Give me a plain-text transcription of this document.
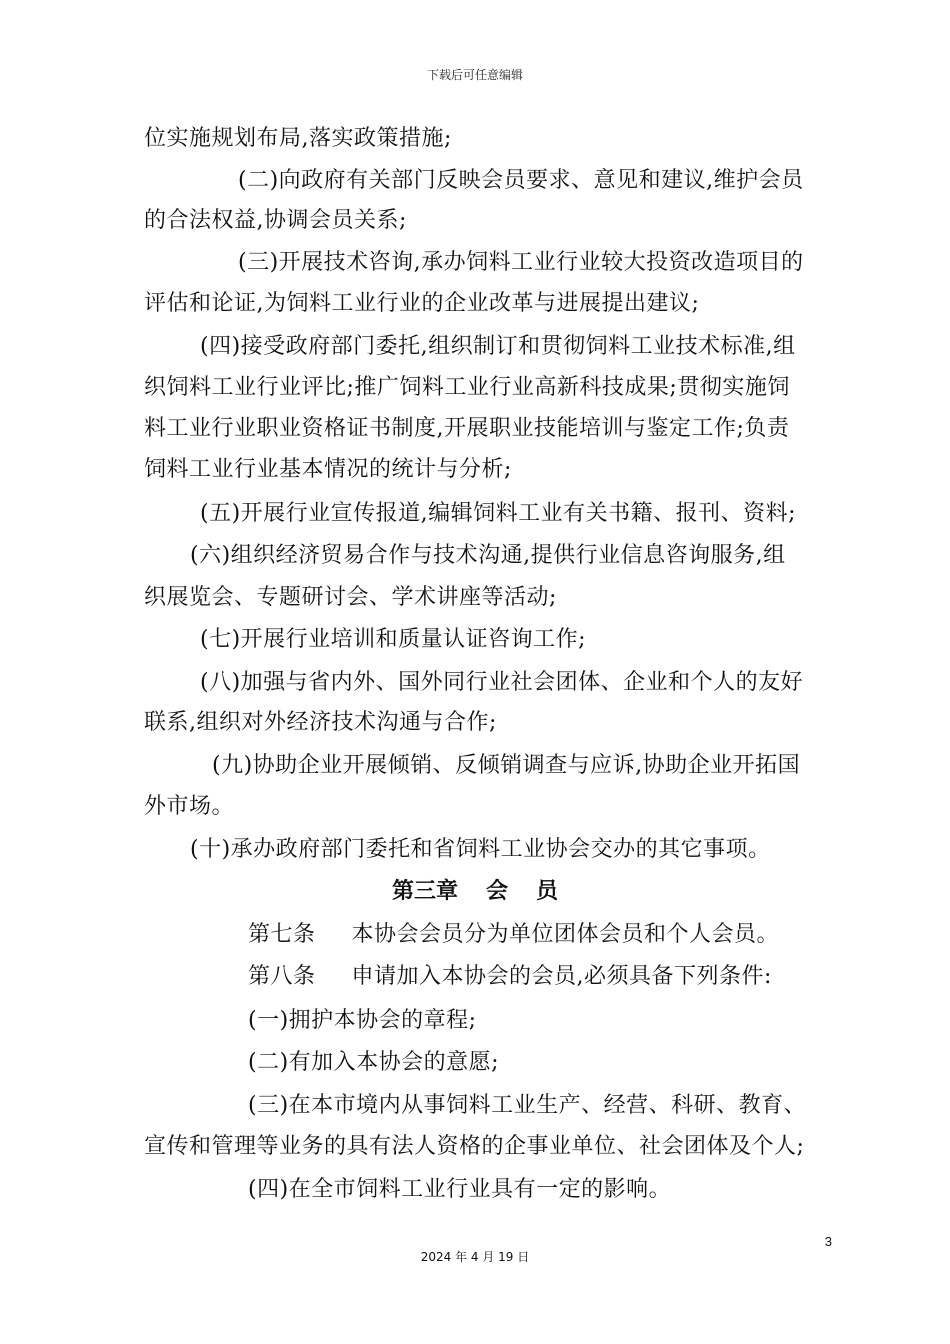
下载后可任意编辑
位实施规划布局,落实政策措施;
(二)向政府有关部门反映会员要求、意见和建议,维护会员
的合法权益,协调会员关系;
(三)开展技术咨询,承办饲料工业行业较大投资改造项目的
评估和论证,为饲料工业行业的企业改革与进展提出建议;
(四)接受政府部门委托,组织制订和贯彻饲料工业技术标准,组
织饲料工业行业评比;推广饲料工业行业高新科技成果;贯彻实施饲
料工业行业职业资格证书制度,开展职业技能培训与鉴定工作;负责
饲料工业行业基本情况的统计与分析;
(五)开展行业宣传报道,编辑饲料工业有关书籍、报刊、资料;
(六)组织经济贸易合作与技术沟通,提供行业信息咨询服务,组
织展览会、专题研讨会、学术讲座等活动;
(七)开展行业培训和质量认证咨询工作;
(八)加强与省内外、国外同行业社会团体、企业和个人的友好
联系,组织对外经济技术沟通与合作;
(九)协助企业开展倾销、反倾销调查与应诉,协助企业开拓国
外市场。
(十)承办政府部门委托和省饲料工业协会交办的其它事项。
第三章 会 员
第七条 本协会会员分为单位团体会员和个人会员。
第八条 申请加入本协会的会员,必须具备下列条件:
(一)拥护本协会的章程;
(二)有加入本协会的意愿;
(三)在本市境内从事饲料工业生产、经营、科研、教育、
宣传和管理等业务的具有法人资格的企事业单位、社会团体及个人;
(四)在全市饲料工业行业具有一定的影响。
3
2024 年 4 月 19 日
